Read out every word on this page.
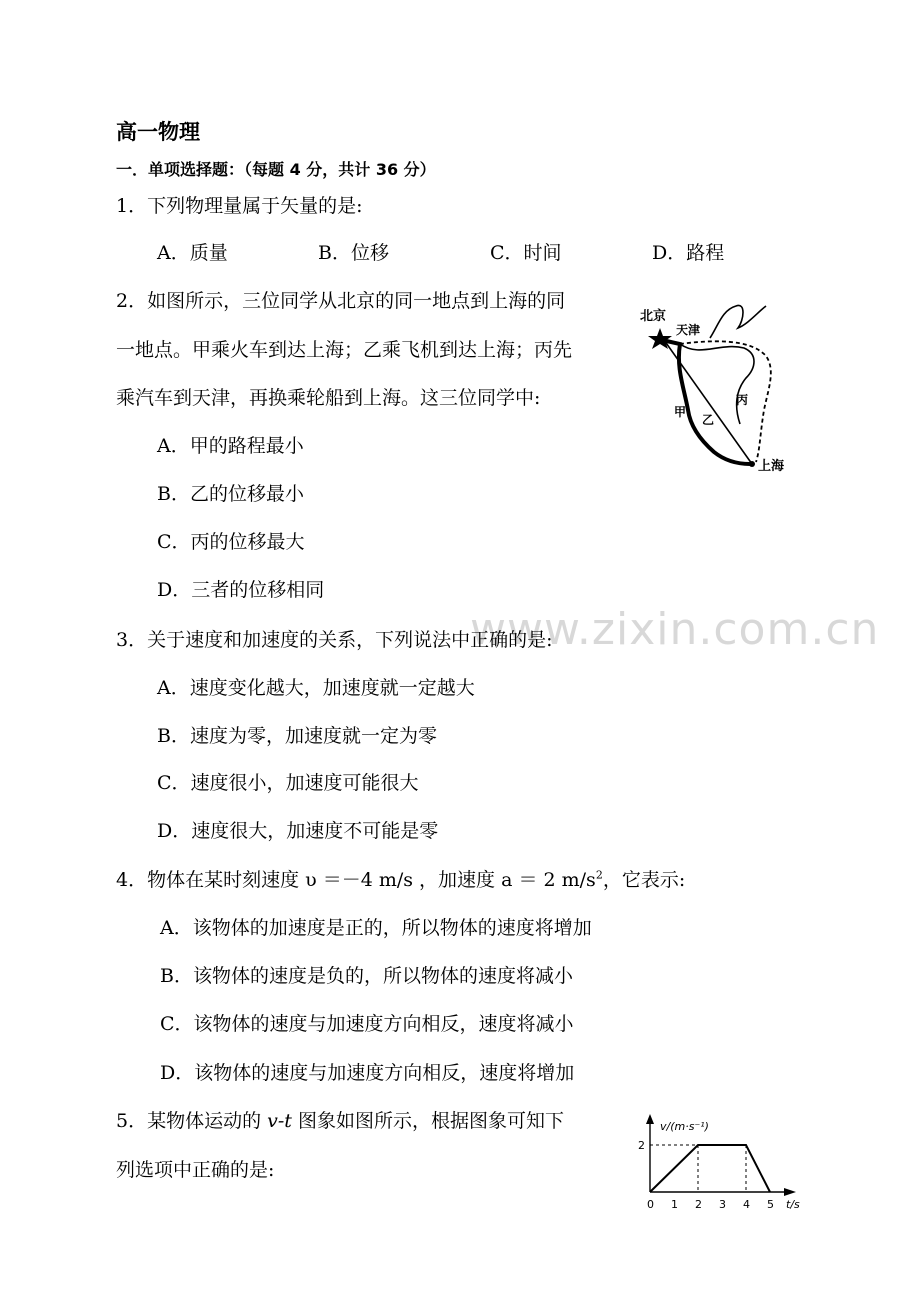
高一物理
一．单项选择题：（每题 4 分，共计 36 分）
www.zixin.com.cn
1．下列物理量属于矢量的是:
A．质量	B．位移	C．时间	D．路程
2．如图所示，三位同学从北京的同一地点到上海的同
一地点。甲乘火车到达上海；乙乘飞机到达上海；丙先
乘汽车到天津，再换乘轮船到上海。这三位同学中:
A．甲的路程最小
B．乙的位移最小
C．丙的位移最大
D．三者的位移相同
北京
天津
上海
甲
乙
丙
3．关于速度和加速度的关系，下列说法中正确的是:
A．速度变化越大，加速度就一定越大
B．速度为零，加速度就一定为零
C．速度很小，加速度可能很大
D．速度很大，加速度不可能是零
4．物体在某时刻速度 υ ＝－4 m/s ，加速度 a ＝ 2 $m/s^2$，它表示:
A．该物体的加速度是正的，所以物体的速度将增加
B．该物体的速度是负的，所以物体的速度将减小
C．该物体的速度与加速度方向相反，速度将减小
D．该物体的速度与加速度方向相反，速度将增加
5．某物体运动的 v-t 图象如图所示，根据图象可知下
列选项中正确的是:
0 1 2 3 4 5
2
v/(m·s⁻¹)
t/s
